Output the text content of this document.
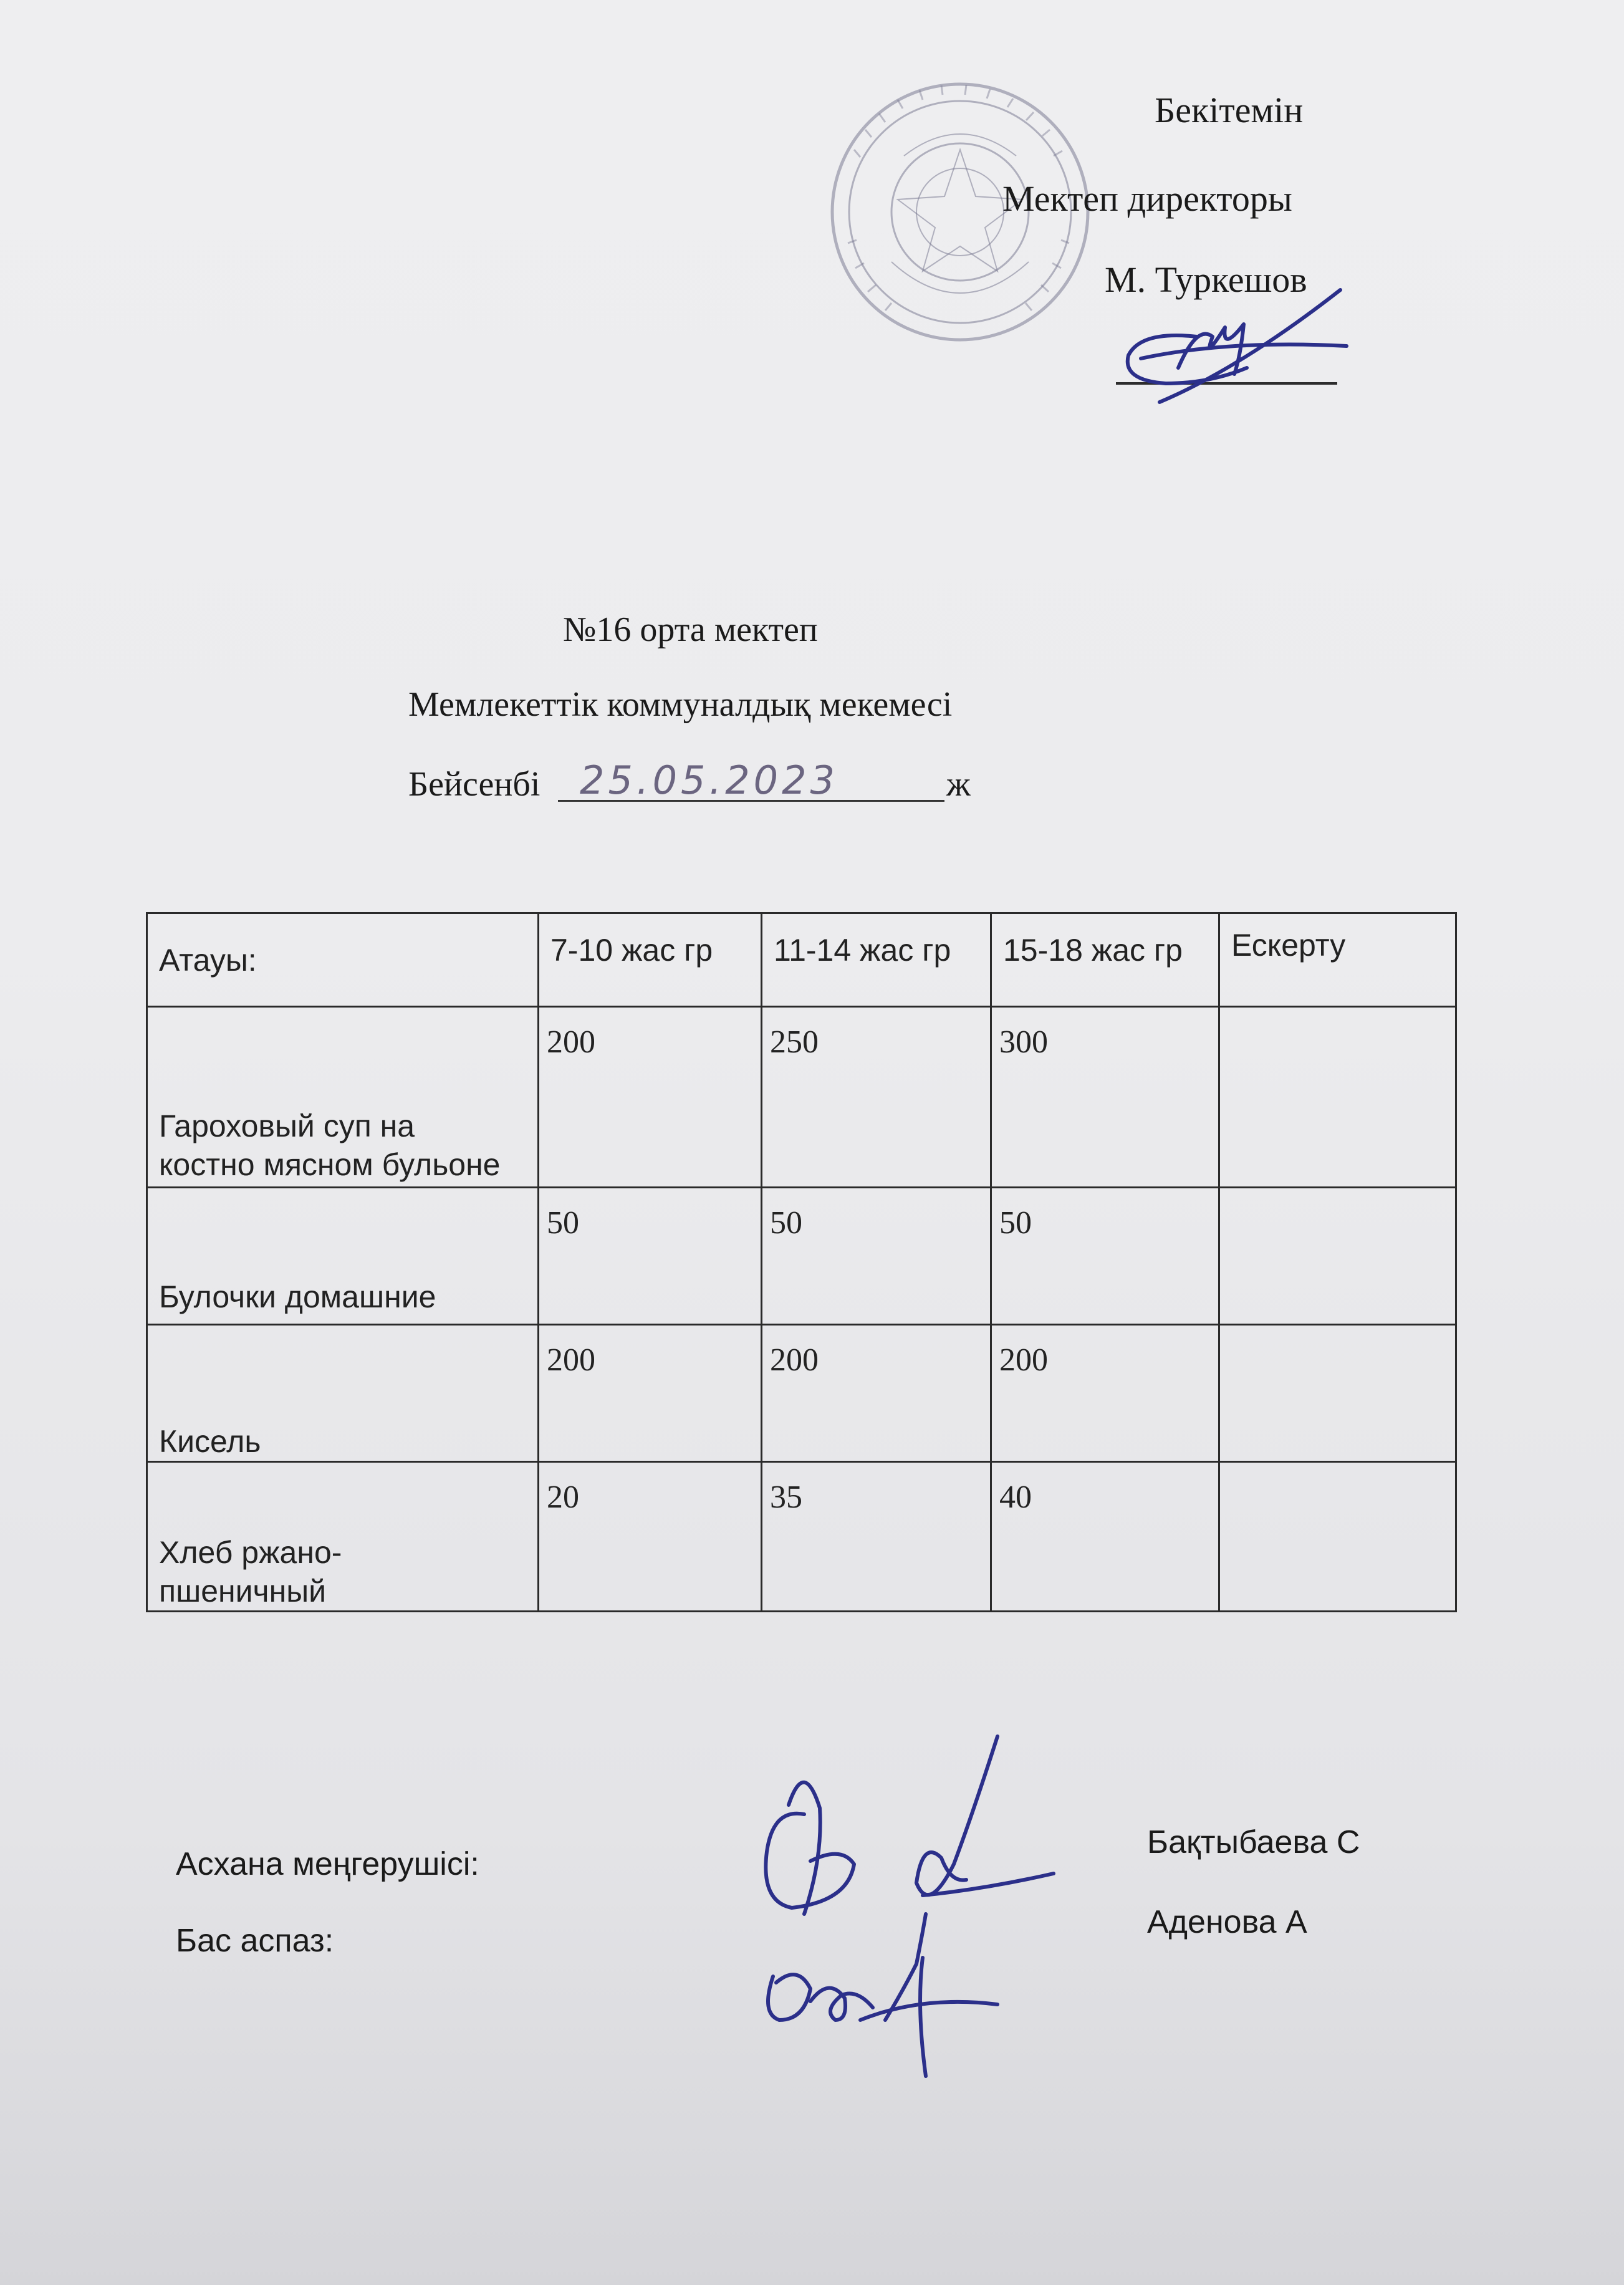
Бекітемін
Мектеп директоры
М. Туркешов
№16 орта мектеп
Мемлекеттік коммуналдық мекемесі
Бейсенбі 25.05.2023	ж
Атауы:	7-10 жас гр	11-14 жас гр	15-18 жас гр	Ескерту

Гароховый суп на костно мясном бульоне	200	250	300	

Булочки домашние	50	50	50	

Кисель	200	200	200	

Хлеб ржано-пшеничный	20	35	40	

Асхана меңгерушісі:
Бақтыбаева С
Бас аспаз:
Аденова А
